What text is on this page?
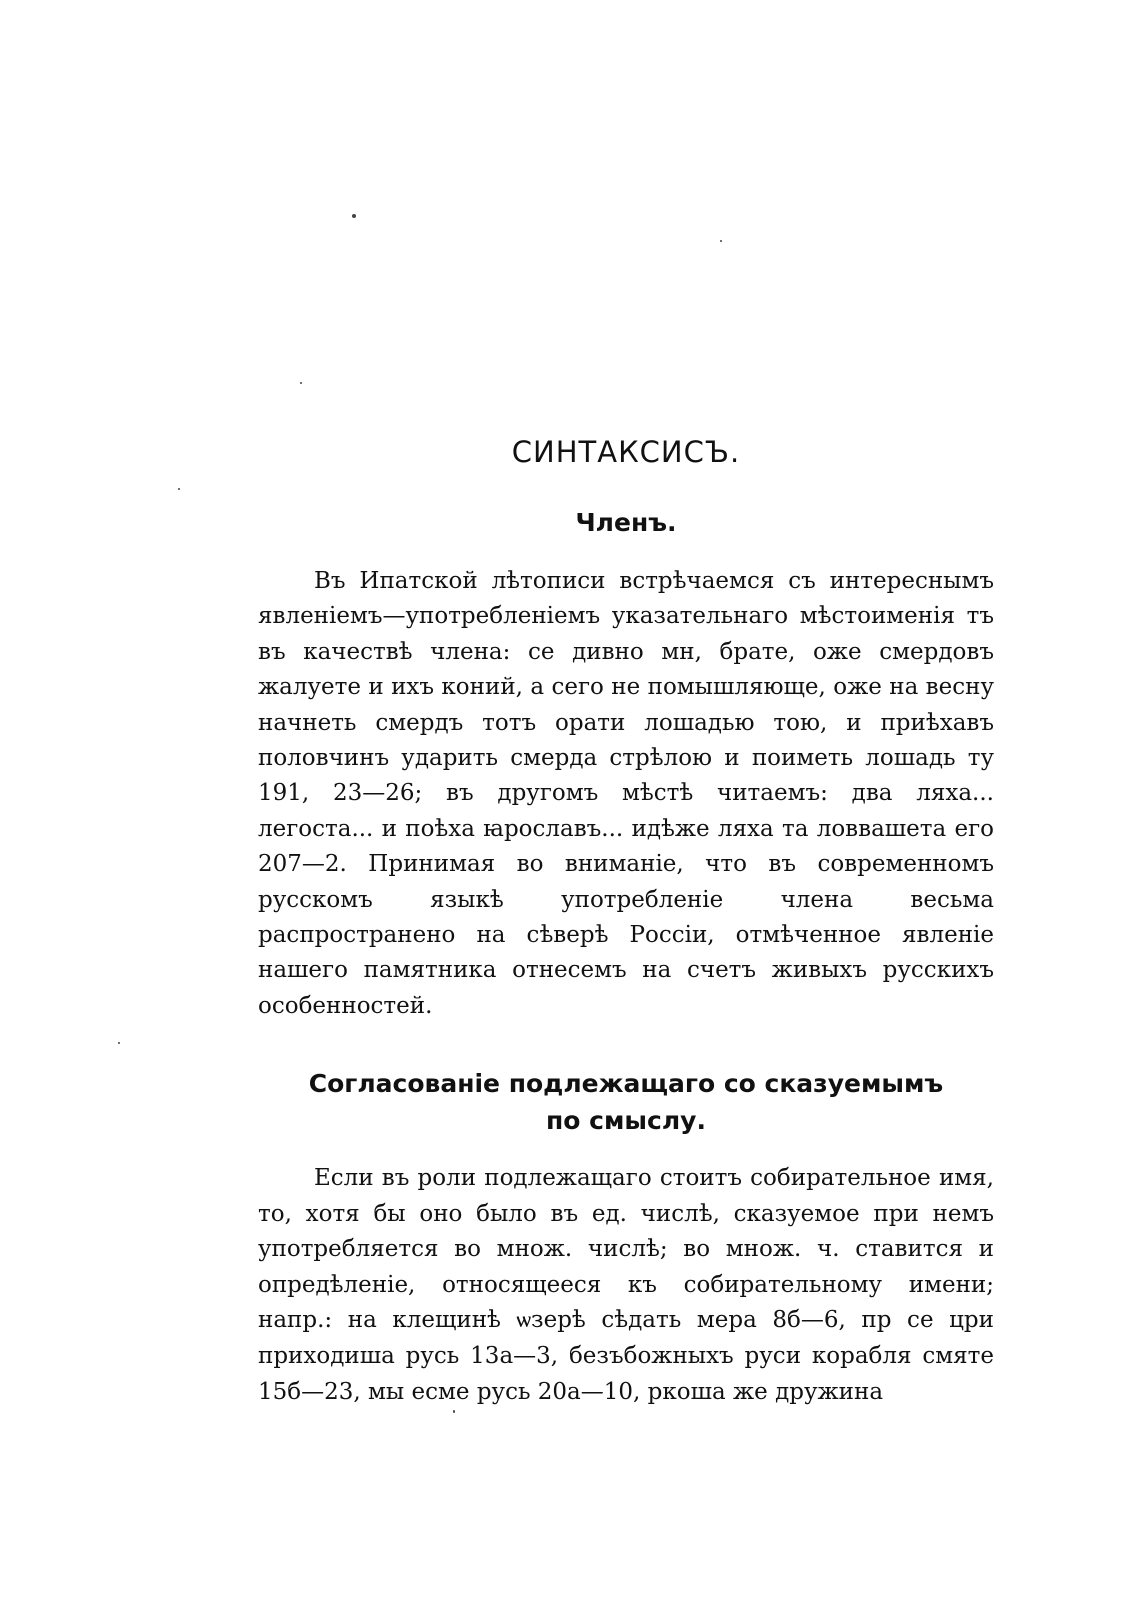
СИНТАКСИСЪ.
Членъ.

Въ Ипатской лѣтописи встрѣчаемся съ интереснымъ явленіемъ—употребленіемъ указательнаго мѣстоименія тъ въ качествѣ члена: се дивно мн, брате, оже смердовъ жалуете и ихъ коний, а сего не помышляюще, оже на весну начнеть смердъ тотъ орати лошадью тою, и приѣхавъ половчинъ ударить смерда стрѣлою и поиметь лошадь ту 191, 23—26; въ другомъ мѣстѣ читаемъ: два ляха... легоста... и поѣха ꙗрославъ... идѣже ляха та ловвашета его 207—2. Принимая во вниманіе, что въ современномъ русскомъ языкѣ употребленіе члена весьма распространено на сѣверѣ Россіи, отмѣченное явленіе нашего памятника отнесемъ на счетъ живыхъ русскихъ особенностей.

Согласованіе подлежащаго со сказуемымъ
по смыслу.

Если въ роли подлежащаго стоитъ собирательное имя, то, хотя бы оно было въ ед. числѣ, сказуемое при немъ употребляется во множ. числѣ; во множ. ч. ставится и опредѣленіе, относящееся къ собирательному имени; напр.: на клещинѣ ѡзерѣ сѣдать мера 8б—6, пр се цри приходиша русь 13а—3, безъбожныхъ руси корабля смяте 15б—23, мы есме русь 20а—10, ркоша же дружина
